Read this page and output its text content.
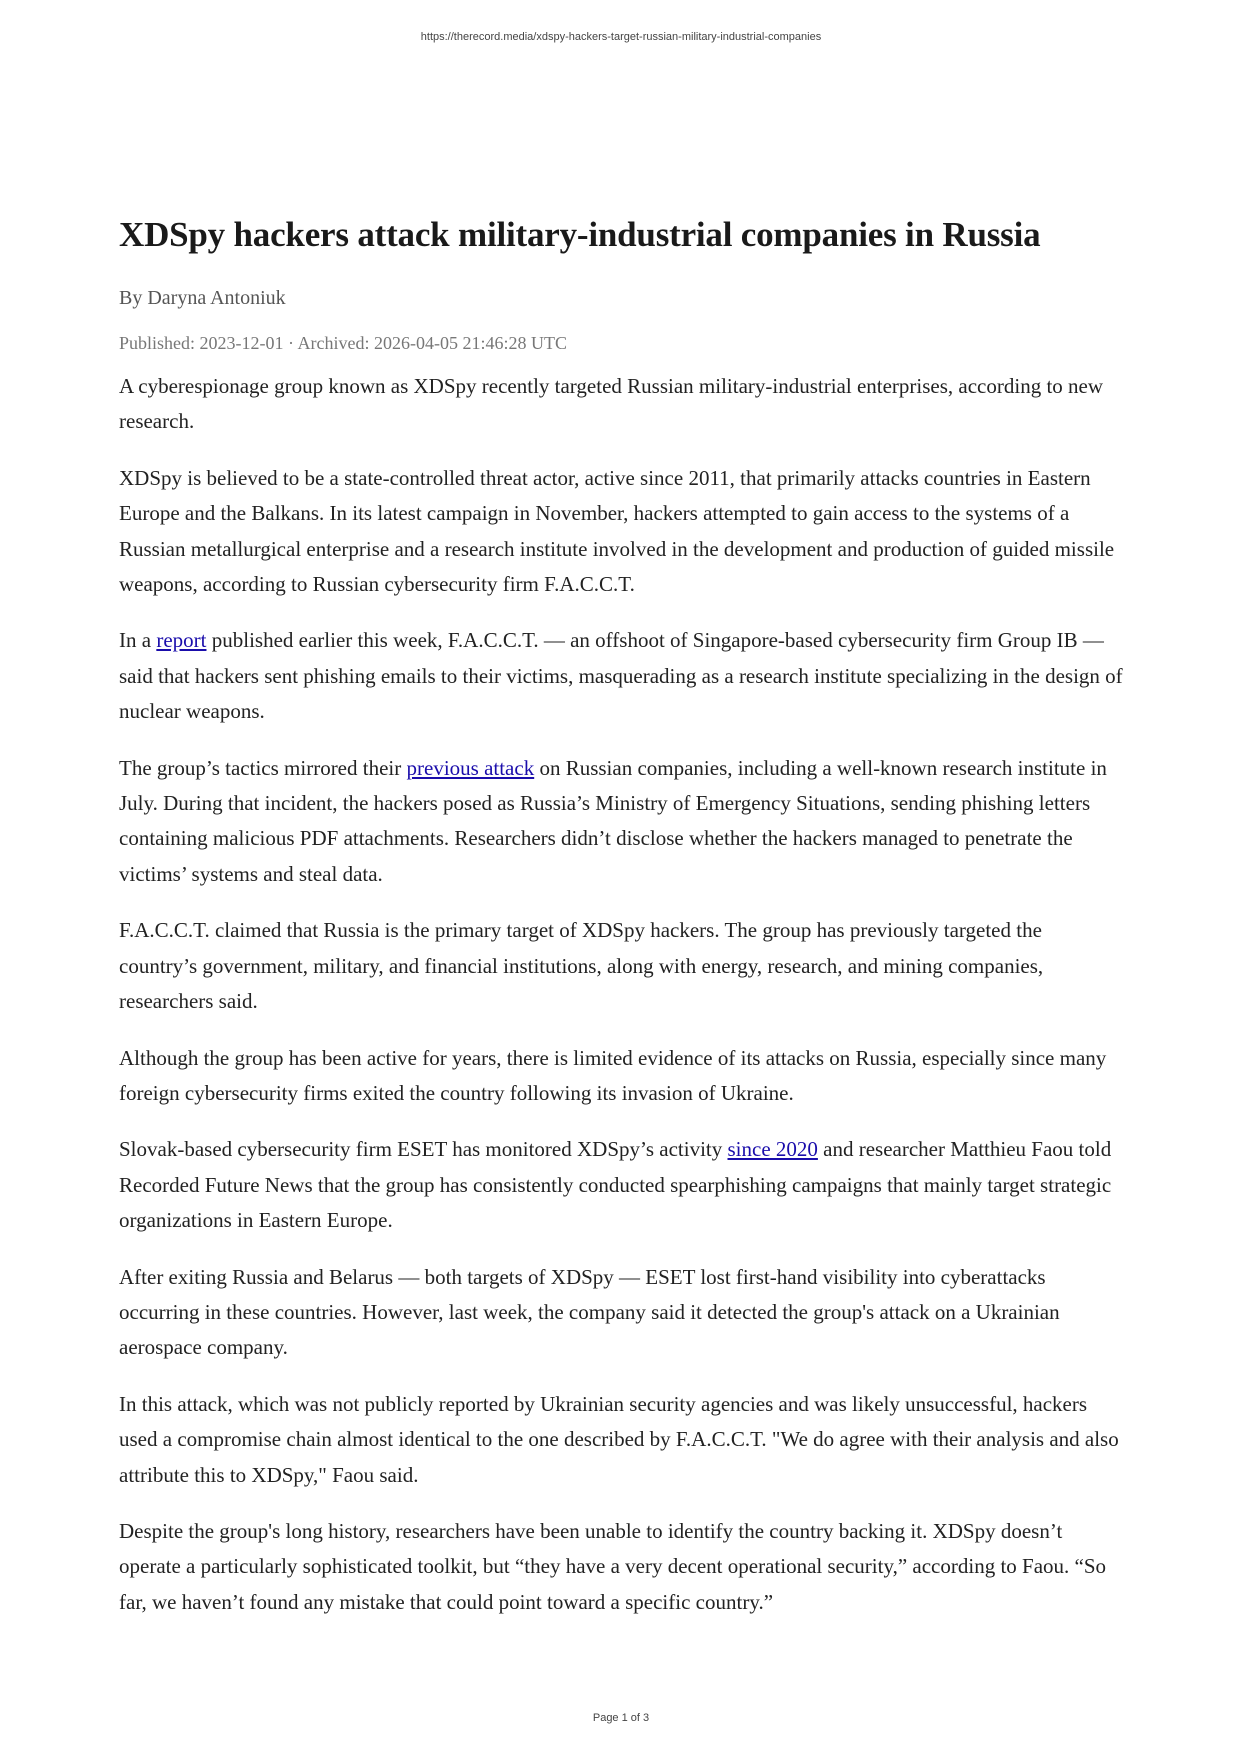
https://therecord.media/xdspy-hackers-target-russian-military-industrial-companies
XDSpy hackers attack military-industrial companies in Russia
By Daryna Antoniuk
Published: 2023-12-01 · Archived: 2026-04-05 21:46:28 UTC

A cyberespionage group known as XDSpy recently targeted Russian military-industrial enterprises, according to new research.

XDSpy is believed to be a state-controlled threat actor, active since 2011, that primarily attacks countries in Eastern Europe and the Balkans. In its latest campaign in November, hackers attempted to gain access to the systems of a Russian metallurgical enterprise and a research institute involved in the development and production of guided missile weapons, according to Russian cybersecurity firm F.A.C.C.T.

In a report published earlier this week, F.A.C.C.T. — an offshoot of Singapore-based cybersecurity firm Group IB — said that hackers sent phishing emails to their victims, masquerading as a research institute specializing in the design of nuclear weapons.

The group’s tactics mirrored their previous attack on Russian companies, including a well-known research institute in July. During that incident, the hackers posed as Russia’s Ministry of Emergency Situations, sending phishing letters containing malicious PDF attachments. Researchers didn’t disclose whether the hackers managed to penetrate the victims’ systems and steal data.

F.A.C.C.T. claimed that Russia is the primary target of XDSpy hackers. The group has previously targeted the country’s government, military, and financial institutions, along with energy, research, and mining companies, researchers said.

Although the group has been active for years, there is limited evidence of its attacks on Russia, especially since many foreign cybersecurity firms exited the country following its invasion of Ukraine.

Slovak-based cybersecurity firm ESET has monitored XDSpy’s activity since 2020 and researcher Matthieu Faou told Recorded Future News that the group has consistently conducted spearphishing campaigns that mainly target strategic organizations in Eastern Europe.

After exiting Russia and Belarus — both targets of XDSpy — ESET lost first-hand visibility into cyberattacks occurring in these countries. However, last week, the company said it detected the group's attack on a Ukrainian aerospace company.

In this attack, which was not publicly reported by Ukrainian security agencies and was likely unsuccessful, hackers used a compromise chain almost identical to the one described by F.A.C.C.T. "We do agree with their analysis and also attribute this to XDSpy," Faou said.

Despite the group's long history, researchers have been unable to identify the country backing it. XDSpy doesn’t operate a particularly sophisticated toolkit, but “they have a very decent operational security,” according to Faou. “So far, we haven’t found any mistake that could point toward a specific country.”

Page 1 of 3
